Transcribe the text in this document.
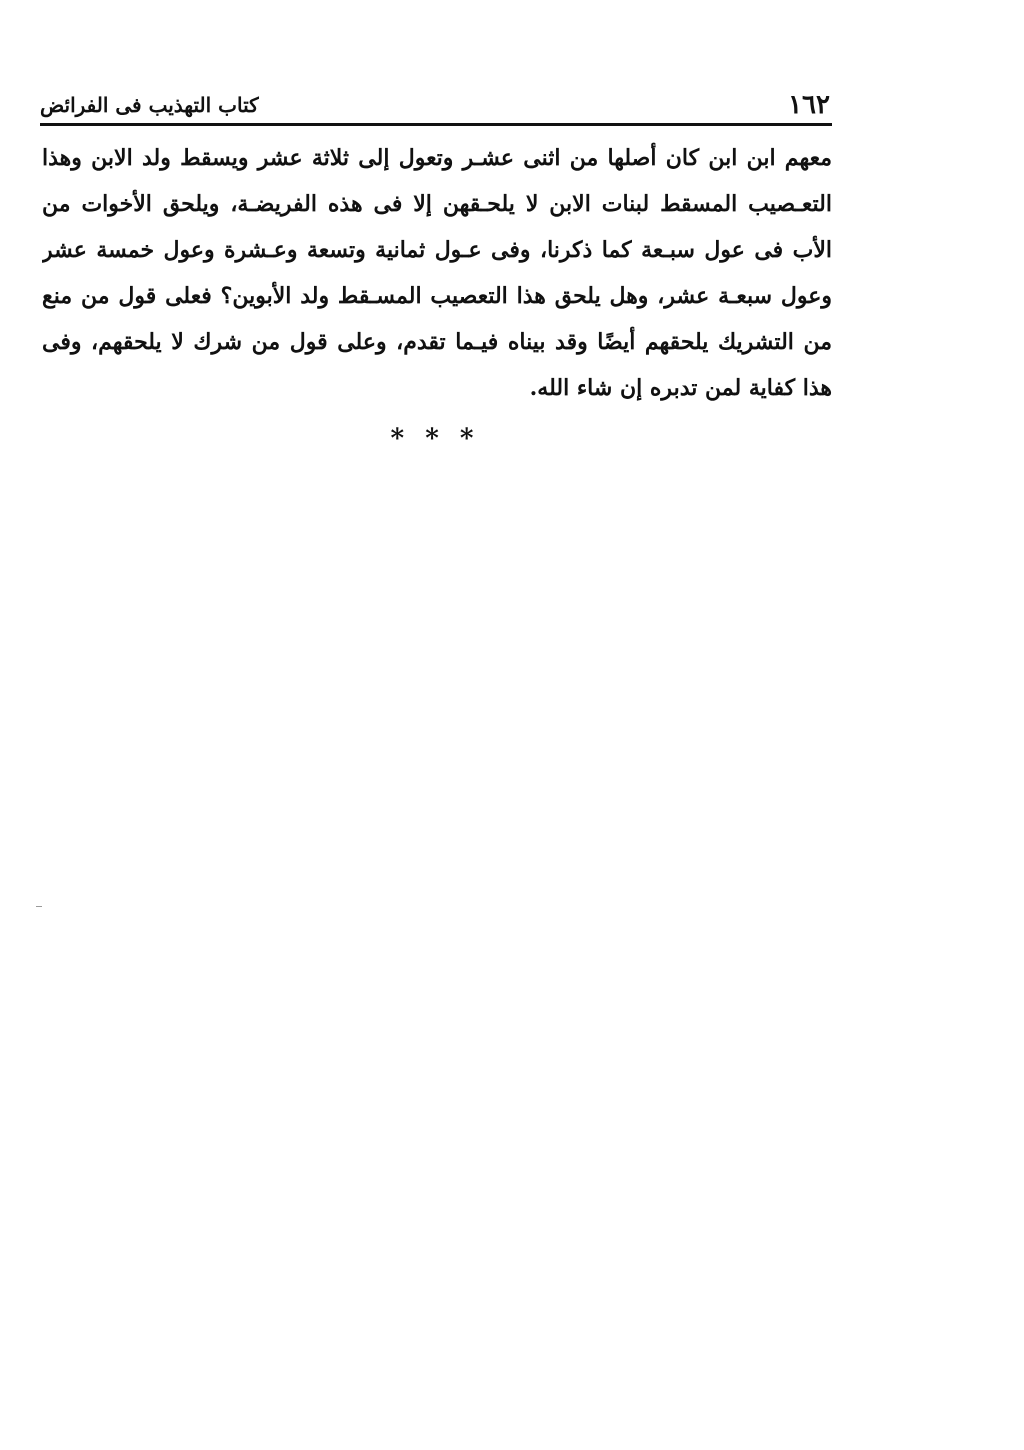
١٦٢
كتاب التهذيب فى الفرائض
معهم ابن ابن كان أصلها من اثنى عشـر وتعول إلى ثلاثة عشر ويسقط ولد الابن وهذا
التعـصيب المسقط لبنات الابن لا يلحـقهن إلا فى هذه الفريضـة، ويلحق الأخوات من
الأب فى عول سبـعة كما ذكرنا، وفى عـول ثمانية وتسعة وعـشرة وعول خمسة عشر
وعول سبعـة عشر، وهل يلحق هذا التعصيب المسـقط ولد الأبوين؟ فعلى قول من منع
من التشريك يلحقهم أيضًا وقد بيناه فيـما تقدم، وعلى قول من شرك لا يلحقهم، وفى
هذا كفاية لمن تدبره إن شاء الله.
* * *
